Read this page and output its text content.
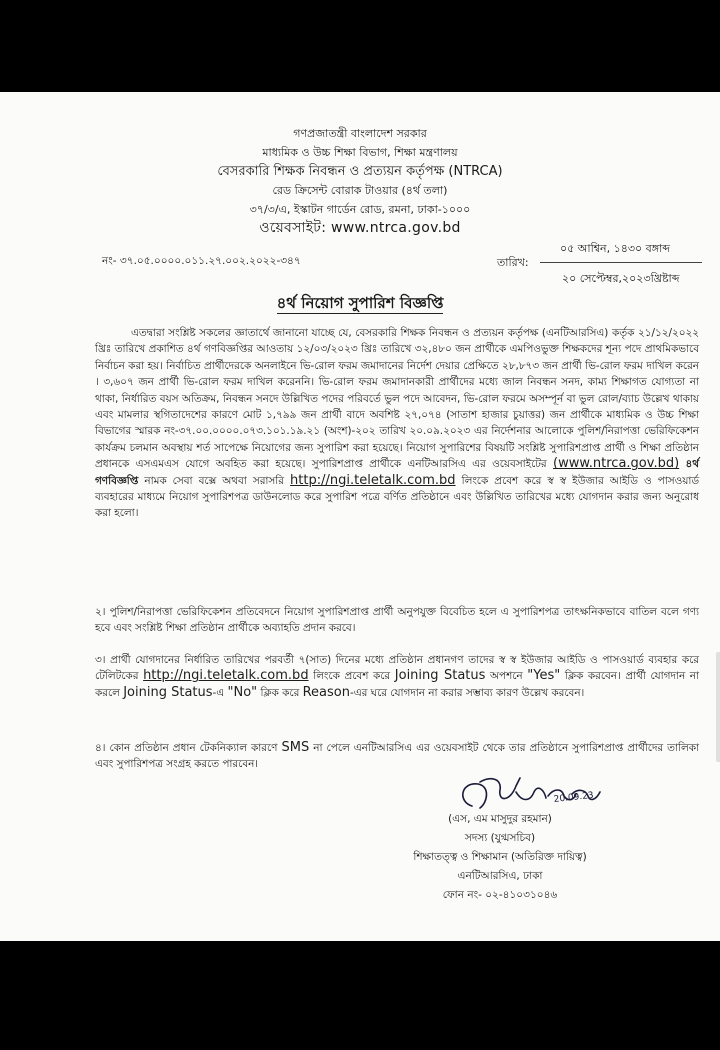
গণপ্রজাতন্ত্রী বাংলাদেশ সরকার
মাধ্যমিক ও উচ্চ শিক্ষা বিভাগ, শিক্ষা মন্ত্রণালয়
বেসরকারি শিক্ষক নিবন্ধন ও প্রত্যয়ন কর্তৃপক্ষ (NTRCA)
রেড ক্রিসেন্ট বোরাক টাওয়ার (৪র্থ তলা)
৩৭/৩/এ, ইস্কাটন গার্ডেন রোড, রমনা, ঢাকা-১০০০
ওয়েবসাইট: www.ntrca.gov.bd
নং- ৩৭.০৫.০০০০.০১১.২৭.০০২.২০২২-৩৪৭	তারিখ:
০৫ আশ্বিন, ১৪৩০ বঙ্গাব্দ
২০ সেপ্টেম্বর,২০২৩খ্রিষ্টাব্দ
৪র্থ নিয়োগ সুপারিশ বিজ্ঞপ্তি
এতদ্বারা সংশ্লিষ্ট সকলের জ্ঞাতার্থে জানানো যাচ্ছে যে, বেসরকারি শিক্ষক নিবন্ধন ও প্রত্যয়ন কর্তৃপক্ষ (এনটিআরসিএ) কর্তৃক ২১/১২/২০২২ খ্রিঃ তারিখে প্রকাশিত ৪র্থ গণবিজ্ঞপ্তির আওতায় ১২/০৩/২০২৩ খ্রিঃ তারিখে ৩২,৪৮০ জন প্রার্থীকে এমপিওভুক্ত শিক্ষকদের শূন্য পদে প্রাথমিকভাবে নির্বাচন করা হয়। নির্বাচিত প্রার্থীদেরকে অনলাইনে ভি-রোল ফরম জমাদানের নির্দেশ দেয়ার প্রেক্ষিতে ২৮,৮৭৩ জন প্রার্থী ভি-রোল ফরম দাখিল করেন । ৩,৬০৭ জন প্রার্থী ভি-রোল ফরম দাখিল করেননি। ভি-রোল ফরম জমাদানকারী প্রার্থীদের মধ্যে জাল নিবন্ধন সনদ, কাম্য শিক্ষাগত যোগ্যতা না থাকা, নির্ধারিত বয়স অতিক্রম, নিবন্ধন সনদে উল্লিখিত পদের পরিবর্তে ভুল পদে আবেদন, ভি-রোল ফরমে অসম্পূর্ন বা ভুল রোল/ব্যাচ উল্লেখ থাকায় এবং মামলার স্থগিতাদেশের কারণে মোট ১,৭৯৯ জন প্রার্থী বাদে অবশিষ্ট ২৭,০৭৪ (সাতাশ হাজার চুয়াত্তর) জন প্রার্থীকে মাধ্যমিক ও উচ্চ শিক্ষা বিভাগের স্মারক নং-৩৭.০০.০০০০.০৭৩.১০১.১৯.২১ (অংশ)-২০২ তারিখ ২০.০৯.২০২৩ এর নির্দেশনার আলোকে পুলিশ/নিরাপত্তা ভেরিফিকেশন কার্যক্রম চলমান অবস্থায় শর্ত সাপেক্ষে নিয়োগের জন্য সুপারিশ করা হয়েছে। নিয়োগ সুপারিশের বিষয়টি সংশ্লিষ্ট সুপারিশপ্রাপ্ত প্রার্থী ও শিক্ষা প্রতিষ্ঠান প্রধানকে এসএমএস যোগে অবহিত করা হয়েছে। সুপারিশপ্রাপ্ত প্রার্থীকে এনটিআরসিএ এর ওয়েবসাইটের (www.ntrca.gov.bd) ৪র্থ গণবিজ্ঞপ্তি নামক সেবা বক্সে অথবা সরাসরি http://ngi.teletalk.com.bd লিংকে প্রবেশ করে স্ব স্ব ইউজার আইডি ও পাসওয়ার্ড ব্যবহারের মাধ্যমে নিয়োগ সুপারিশপত্র ডাউনলোড করে সুপারিশ পত্রে বর্ণিত প্রতিষ্ঠানে এবং উল্লিখিত তারিখের মধ্যে যোগদান করার জন্য অনুরোধ করা হলো।
২। পুলিশ/নিরাপত্তা ভেরিফিকেশন প্রতিবেদনে নিয়োগ সুপারিশপ্রাপ্ত প্রার্থী অনুপযুক্ত বিবেচিত হলে এ সুপারিশপত্র তাৎক্ষনিকভাবে বাতিল বলে গণ্য হবে এবং সংশ্লিষ্ট শিক্ষা প্রতিষ্ঠান প্রার্থীকে অব্যাহতি প্রদান করবে।
৩। প্রার্থী যোগদানের নির্ধারিত তারিখের পরবর্তী ৭(সাত) দিনের মধ্যে প্রতিষ্ঠান প্রধানগণ তাদের স্ব স্ব ইউজার আইডি ও পাসওয়ার্ড ব্যবহার করে টেলিটকের http://ngi.teletalk.com.bd লিংকে প্রবেশ করে Joining Status অপশনে "Yes" ক্লিক করবেন। প্রার্থী যোগদান না করলে Joining Status-এ "No" ক্লিক করে Reason-এর ঘরে যোগদান না করার সম্ভাব্য কারণ উল্লেখ করবেন।
৪। কোন প্রতিষ্ঠান প্রধান টেকনিক্যাল কারণে SMS না পেলে এনটিআরসিএ এর ওয়েবসাইট থেকে তার প্রতিষ্ঠানে সুপারিশপ্রাপ্ত প্রার্থীদের তালিকা এবং সুপারিশপত্র সংগ্রহ করতে পারবেন।
20.09.23
(এস, এম মাসুদুর রহমান)
সদস্য (যুগ্মসচিব)
শিক্ষাতত্ত্ব ও শিক্ষামান (অতিরিক্ত দায়িত্ব)
এনটিআরসিএ, ঢাকা
ফোন নং- ০২-৪১০৩১০৪৬
